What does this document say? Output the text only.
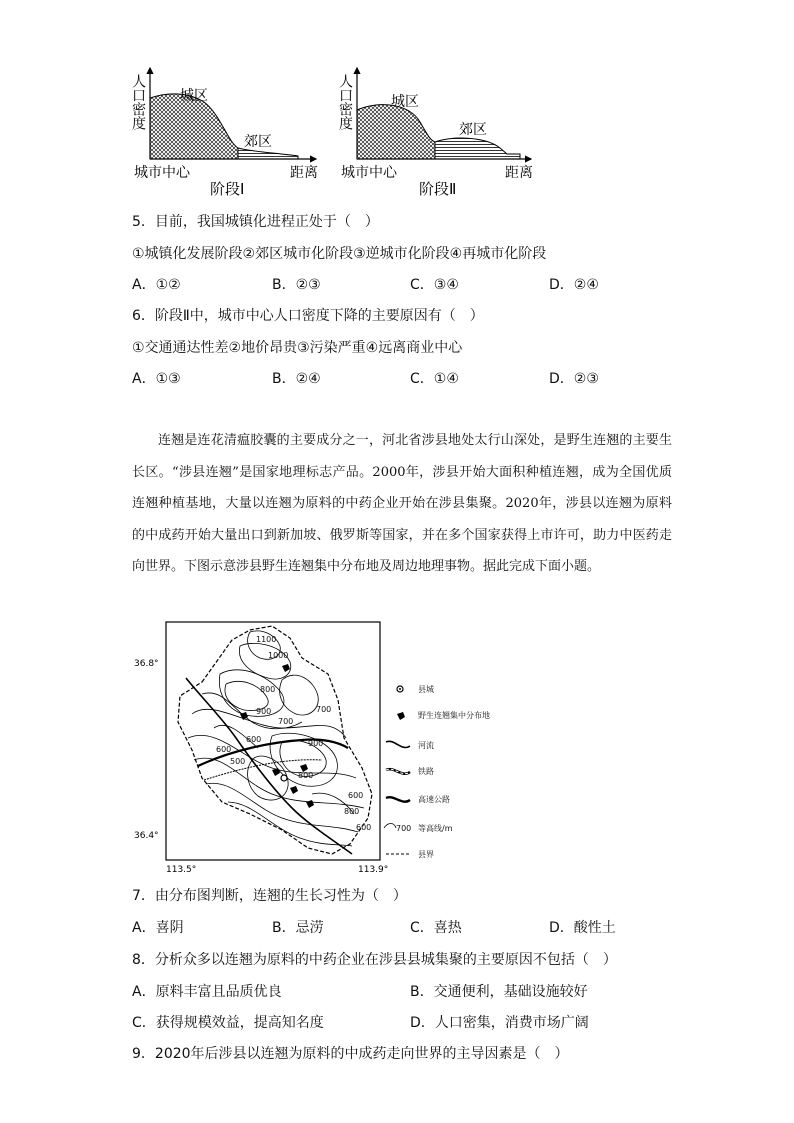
人口密度 城区
郊区
城市中心	距离
阶段Ⅰ
人口密度	城区
郊区
城市中心	距离
阶段Ⅱ
5．目前，我国城镇化进程正处于（　）
①城镇化发展阶段②郊区城市化阶段③逆城市化阶段④再城市化阶段
A．①②	B．②③	C．③④	D．②④
6．阶段Ⅱ中，城市中心人口密度下降的主要原因有（　）
①交通通达性差②地价昂贵③污染严重④远离商业中心
A．①③	B．②④	C．①④	D．②③

连翘是连花清瘟胶囊的主要成分之一，河北省涉县地处太行山深处，是野生连翘的主要生长区。“涉县连翘”是国家地理标志产品。2000年，涉县开始大面积种植连翘，成为全国优质连翘种植基地，大量以连翘为原料的中药企业开始在涉县集聚。2020年，涉县以连翘为原料的中成药开始大量出口到新加坡、俄罗斯等国家，并在多个国家获得上市许可，助力中医药走向世界。下图示意涉县野生连翘集中分布地及周边地理事物。据此完成下面小题。

1100
1000
800
900
700
700
600
500
600
900
800
600
800
600
36.8°
36.4°
113.5°	113.9°
县城
野生连翘集中分布地
河流
铁路
高速公路
700 等高线/m
县界
7．由分布图判断，连翘的生长习性为（　）
A．喜阴	B．忌涝	C．喜热	D．酸性土
8．分析众多以连翘为原料的中药企业在涉县县城集聚的主要原因不包括（　）
A．原料丰富且品质优良	B．交通便利，基础设施较好
C．获得规模效益，提高知名度	D．人口密集，消费市场广阔
9．2020年后涉县以连翘为原料的中成药走向世界的主导因素是（　）
